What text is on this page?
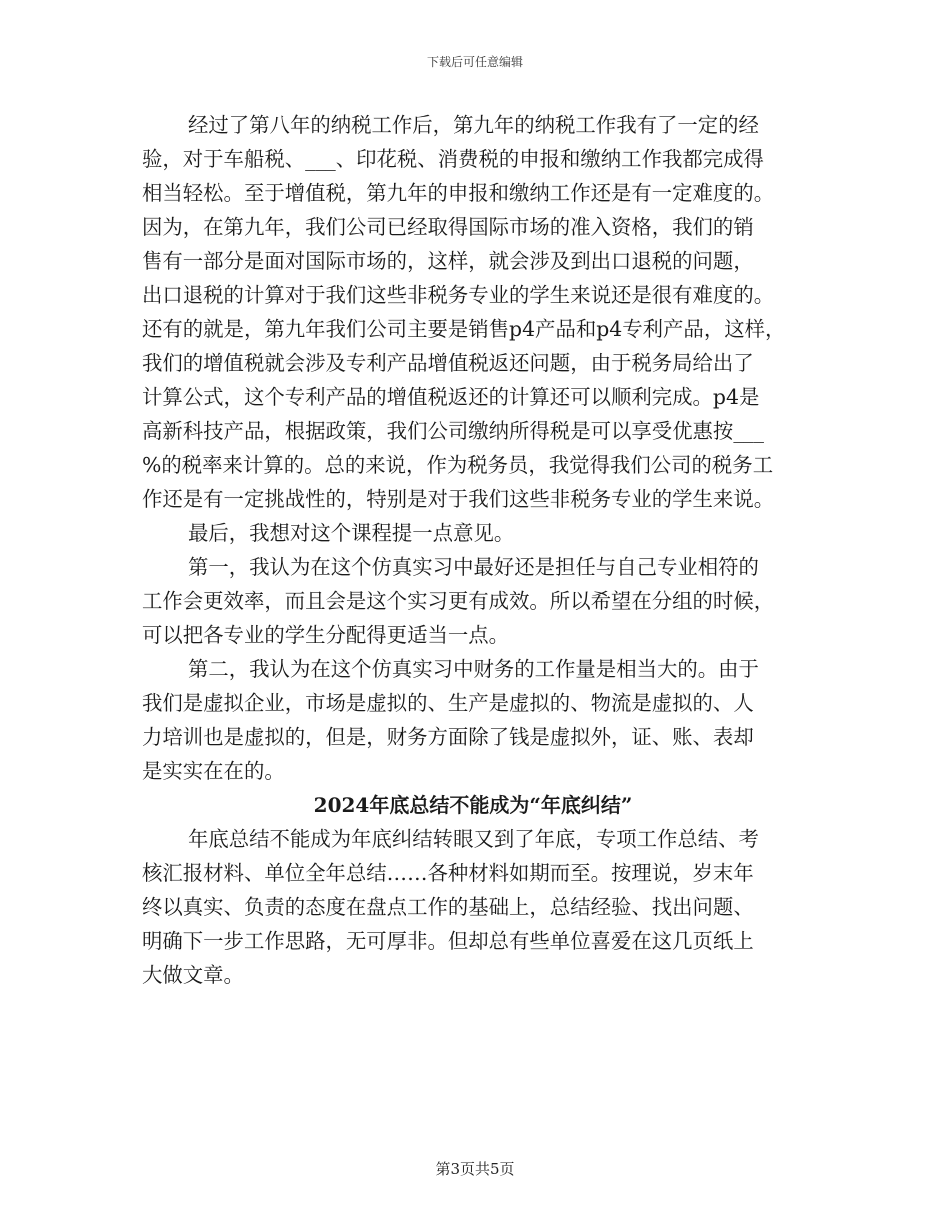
下载后可任意编辑
经过了第八年的纳税工作后，第九年的纳税工作我有了一定的经
验，对于车船税、___、印花税、消费税的申报和缴纳工作我都完成得
相当轻松。至于增值税，第九年的申报和缴纳工作还是有一定难度的。
因为，在第九年，我们公司已经取得国际市场的准入资格，我们的销
售有一部分是面对国际市场的，这样，就会涉及到出口退税的问题，
出口退税的计算对于我们这些非税务专业的学生来说还是很有难度的。
还有的就是，第九年我们公司主要是销售p4产品和p4专利产品，这样，
我们的增值税就会涉及专利产品增值税返还问题，由于税务局给出了
计算公式，这个专利产品的增值税返还的计算还可以顺利完成。p4是
高新科技产品，根据政策，我们公司缴纳所得税是可以享受优惠按___
%的税率来计算的。总的来说，作为税务员，我觉得我们公司的税务工
作还是有一定挑战性的，特别是对于我们这些非税务专业的学生来说。
最后，我想对这个课程提一点意见。
第一，我认为在这个仿真实习中最好还是担任与自己专业相符的
工作会更效率，而且会是这个实习更有成效。所以希望在分组的时候，
可以把各专业的学生分配得更适当一点。
第二，我认为在这个仿真实习中财务的工作量是相当大的。由于
我们是虚拟企业，市场是虚拟的、生产是虚拟的、物流是虚拟的、人
力培训也是虚拟的，但是，财务方面除了钱是虚拟外，证、账、表却
是实实在在的。
2024年底总结不能成为“年底纠结”
年底总结不能成为年底纠结转眼又到了年底，专项工作总结、考
核汇报材料、单位全年总结……各种材料如期而至。按理说，岁末年
终以真实、负责的态度在盘点工作的基础上，总结经验、找出问题、
明确下一步工作思路，无可厚非。但却总有些单位喜爱在这几页纸上
大做文章。
第3页共5页
